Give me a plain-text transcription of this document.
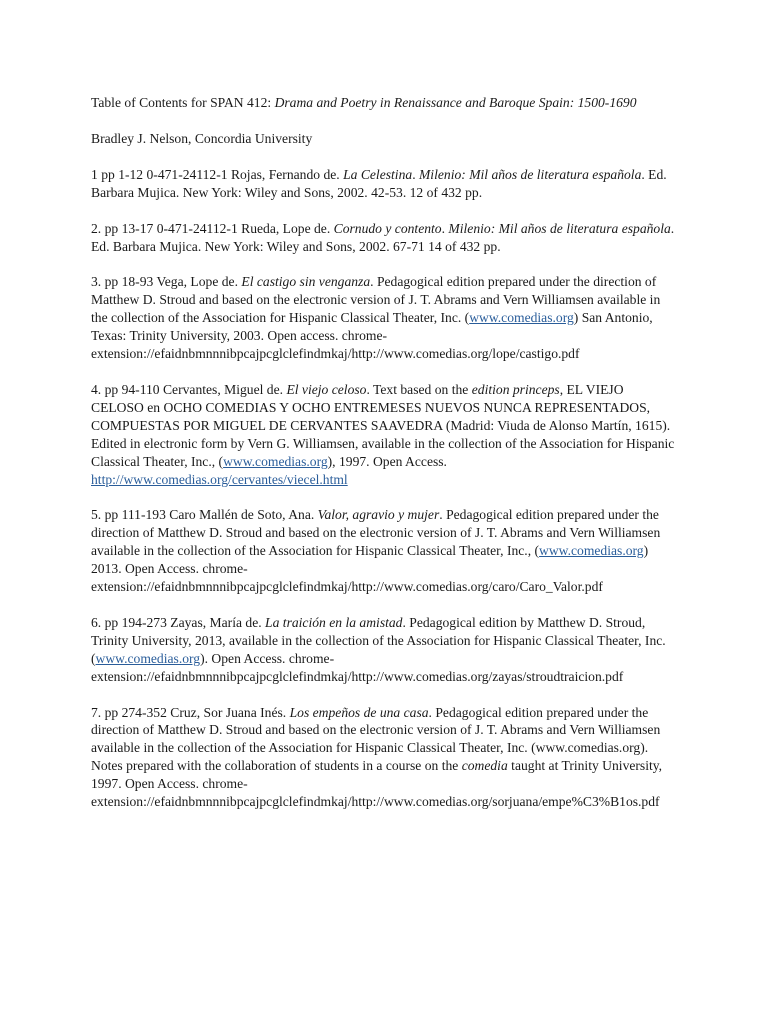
Table of Contents for SPAN 412: Drama and Poetry in Renaissance and Baroque Spain: 1500-1690

Bradley J. Nelson, Concordia University

1 pp 1-12 0-471-24112-1 Rojas, Fernando de. La Celestina. Milenio: Mil años de literatura española. Ed. Barbara Mujica. New York: Wiley and Sons, 2002. 42-53. 12 of 432 pp.

2. pp 13-17 0-471-24112-1 Rueda, Lope de. Cornudo y contento. Milenio: Mil años de literatura española. Ed. Barbara Mujica. New York: Wiley and Sons, 2002. 67-71 14 of 432 pp.

3. pp 18-93 Vega, Lope de. El castigo sin venganza. Pedagogical edition prepared under the direction of Matthew D. Stroud and based on the electronic version of J. T. Abrams and Vern Williamsen available in the collection of the Association for Hispanic Classical Theater, Inc. (www.comedias.org) San Antonio, Texas: Trinity University, 2003. Open access. chrome-extension://efaidnbmnnnibpcajpcglclefindmkaj/http://www.comedias.org/lope/castigo.pdf

4. pp 94-110 Cervantes, Miguel de. El viejo celoso. Text based on the edition princeps, EL VIEJO CELOSO en OCHO COMEDIAS Y OCHO ENTREMESES NUEVOS NUNCA REPRESENTADOS, COMPUESTAS POR MIGUEL DE CERVANTES SAAVEDRA (Madrid: Viuda de Alonso Martín, 1615). Edited in electronic form by Vern G. Williamsen, available in the collection of the Association for Hispanic Classical Theater, Inc., (www.comedias.org), 1997. Open Access. http://www.comedias.org/cervantes/viecel.html

5. pp 111-193 Caro Mallén de Soto, Ana. Valor, agravio y mujer. Pedagogical edition prepared under the direction of Matthew D. Stroud and based on the electronic version of J. T. Abrams and Vern Williamsen available in the collection of the Association for Hispanic Classical Theater, Inc., (www.comedias.org) 2013. Open Access. chrome-extension://efaidnbmnnnibpcajpcglclefindmkaj/http://www.comedias.org/caro/Caro_Valor.pdf

6. pp 194-273 Zayas, María de. La traición en la amistad. Pedagogical edition by Matthew D. Stroud, Trinity University, 2013, available in the collection of the Association for Hispanic Classical Theater, Inc. (www.comedias.org). Open Access. chrome-extension://efaidnbmnnnibpcajpcglclefindmkaj/http://www.comedias.org/zayas/stroudtraicion.pdf

7. pp 274-352 Cruz, Sor Juana Inés. Los empeños de una casa. Pedagogical edition prepared under the direction of Matthew D. Stroud and based on the electronic version of J. T. Abrams and Vern Williamsen available in the collection of the Association for Hispanic Classical Theater, Inc. (www.comedias.org). Notes prepared with the collaboration of students in a course on the comedia taught at Trinity University, 1997. Open Access. chrome-extension://efaidnbmnnnibpcajpcglclefindmkaj/http://www.comedias.org/sorjuana/empe%C3%B1os.pdf
